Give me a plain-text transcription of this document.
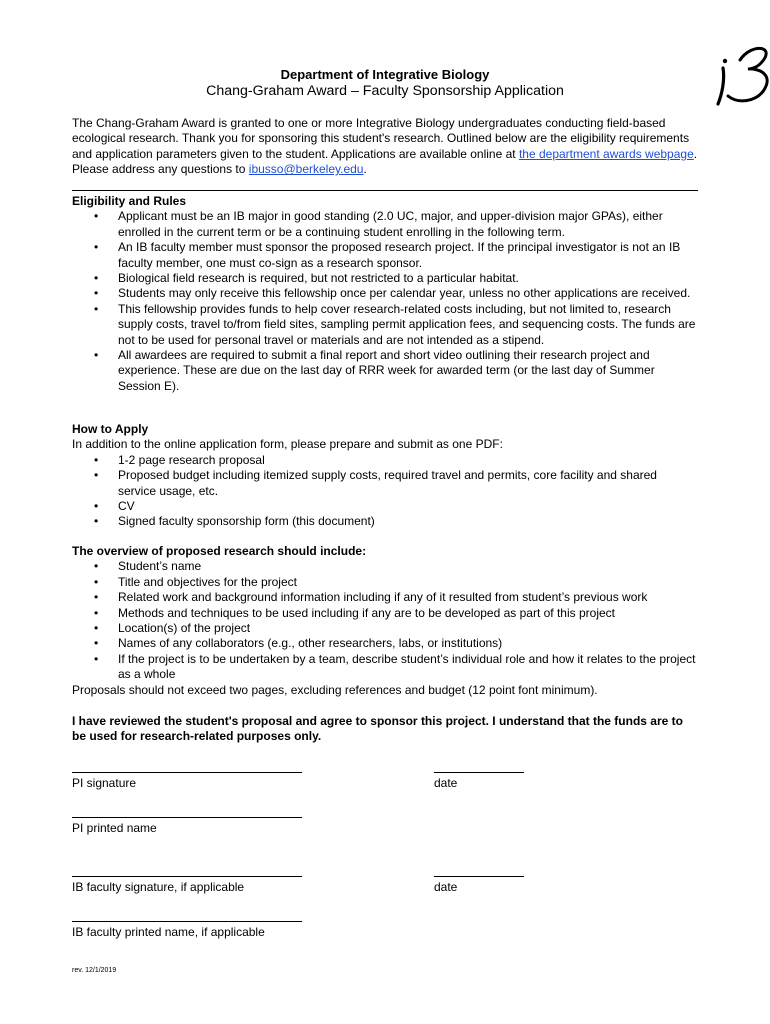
Department of Integrative Biology
Chang-Graham Award – Faculty Sponsorship Application
The Chang-Graham Award is granted to one or more Integrative Biology undergraduates conducting field-based ecological research. Thank you for sponsoring this student's research. Outlined below are the eligibility requirements and application parameters given to the student. Applications are available online at the department awards webpage. Please address any questions to ibusso@berkeley.edu.
Eligibility and Rules
• Applicant must be an IB major in good standing (2.0 UC, major, and upper-division major GPAs), either enrolled in the current term or be a continuing student enrolling in the following term.
• An IB faculty member must sponsor the proposed research project. If the principal investigator is not an IB faculty member, one must co-sign as a research sponsor.
• Biological field research is required, but not restricted to a particular habitat.
• Students may only receive this fellowship once per calendar year, unless no other applications are received.
• This fellowship provides funds to help cover research-related costs including, but not limited to, research supply costs, travel to/from field sites, sampling permit application fees, and sequencing costs. The funds are not to be used for personal travel or materials and are not intended as a stipend.
• All awardees are required to submit a final report and short video outlining their research project and experience. These are due on the last day of RRR week for awarded term (or the last day of Summer Session E).
How to Apply

In addition to the online application form, please prepare and submit as one PDF:

• 1-2 page research proposal
• Proposed budget including itemized supply costs, required travel and permits, core facility and shared service usage, etc.
• CV
• Signed faculty sponsorship form (this document)
The overview of proposed research should include:
• Student’s name
• Title and objectives for the project
• Related work and background information including if any of it resulted from student’s previous work
• Methods and techniques to be used including if any are to be developed as part of this project
• Location(s) of the project
• Names of any collaborators (e.g., other researchers, labs, or institutions)
• If the project is to be undertaken by a team, describe student’s individual role and how it relates to the project as a whole

Proposals should not exceed two pages, excluding references and budget (12 point font minimum).

I have reviewed the student's proposal and agree to sponsor this project. I understand that the funds are to be used for research-related purposes only.
PI signature	date
PI printed name
IB faculty signature, if applicable	date
IB faculty printed name, if applicable
rev. 12/1/2019
